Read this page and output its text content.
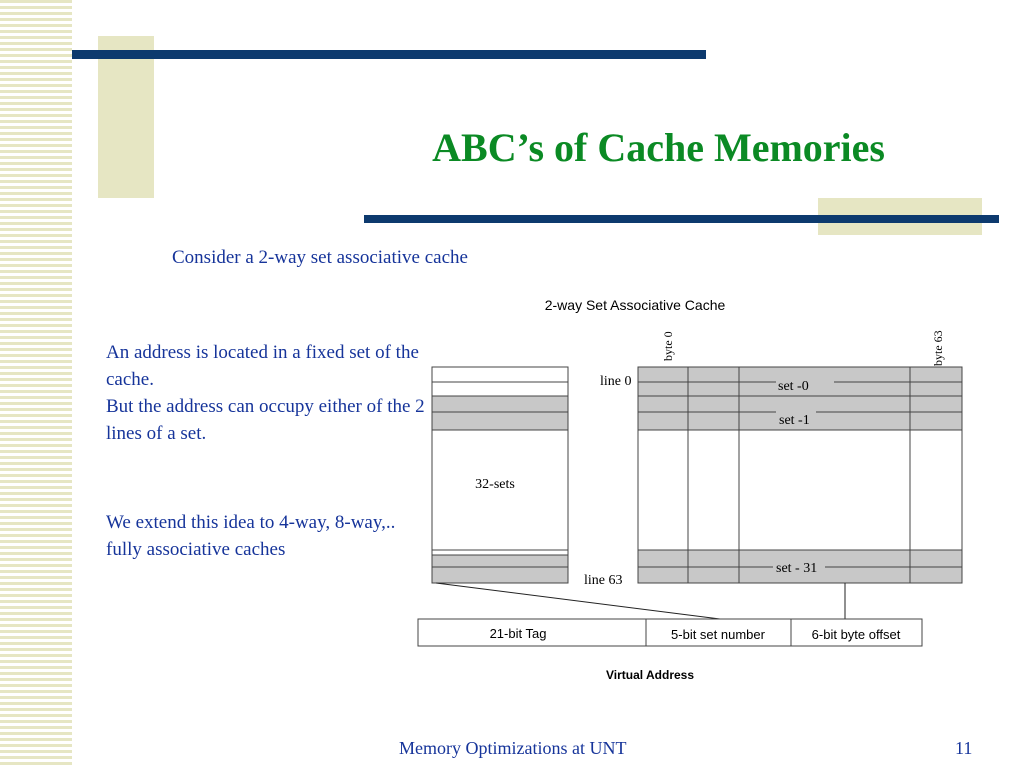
ABC’s of Cache Memories
Consider a 2-way set associative cache
An address is located in a fixed set of the cache.
But the address can occupy either of the 2 lines of a set.
We extend this idea to 4-way, 8-way,.. fully associative caches
2-way Set Associative Cache
32-sets
set -0
set -1
set - 31
line 0
line 63
byte 0	byte 63
21-bit Tag	5-bit set number	6-bit byte offset
Virtual Address
Memory Optimizations at UNT	11
